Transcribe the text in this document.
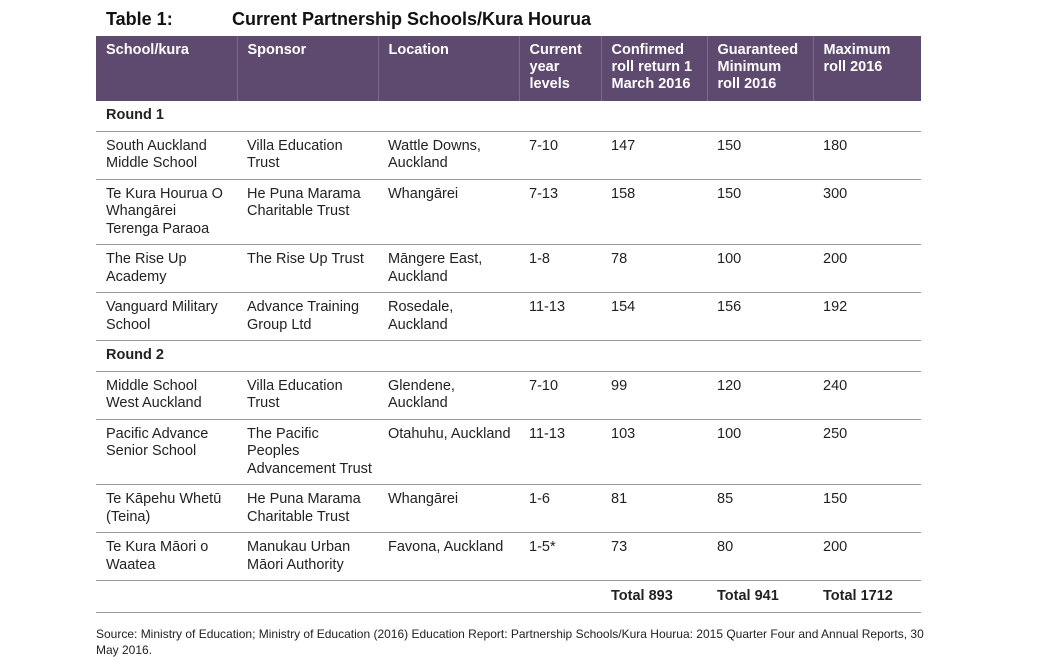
Table 1:	Current Partnership Schools/Kura Hourua
School/kura	Sponsor	Location	Current year levels	Confirmed roll return 1 March 2016	Guaranteed Minimum roll 2016	Maximum roll 2016
Round 1						
South Auckland Middle School	Villa Education Trust	Wattle Downs, Auckland	7-10	147	150	180
Te Kura Hourua O Whangārei Terenga Paraoa	He Puna Marama Charitable Trust	Whangārei	7-13	158	150	300
The Rise Up Academy	The Rise Up Trust	Māngere East, Auckland	1-8	78	100	200
Vanguard Military School	Advance Training Group Ltd	Rosedale, Auckland	11-13	154	156	192
Round 2						
Middle School West Auckland	Villa Education Trust	Glendene, Auckland	7-10	99	120	240
Pacific Advance Senior School	The Pacific Peoples Advancement Trust	Otahuhu, Auckland	11-13	103	100	250
Te Kāpehu Whetū (Teina)	He Puna Marama Charitable Trust	Whangārei	1-6	81	85	150
Te Kura Māori o Waatea	Manukau Urban Māori Authority	Favona, Auckland	1-5*	73	80	200
				Total 893	Total 941	Total 1712
Source: Ministry of Education; Ministry of Education (2016) Education Report: Partnership Schools/Kura Hourua: 2015 Quarter Four and Annual Reports, 30 May 2016.
